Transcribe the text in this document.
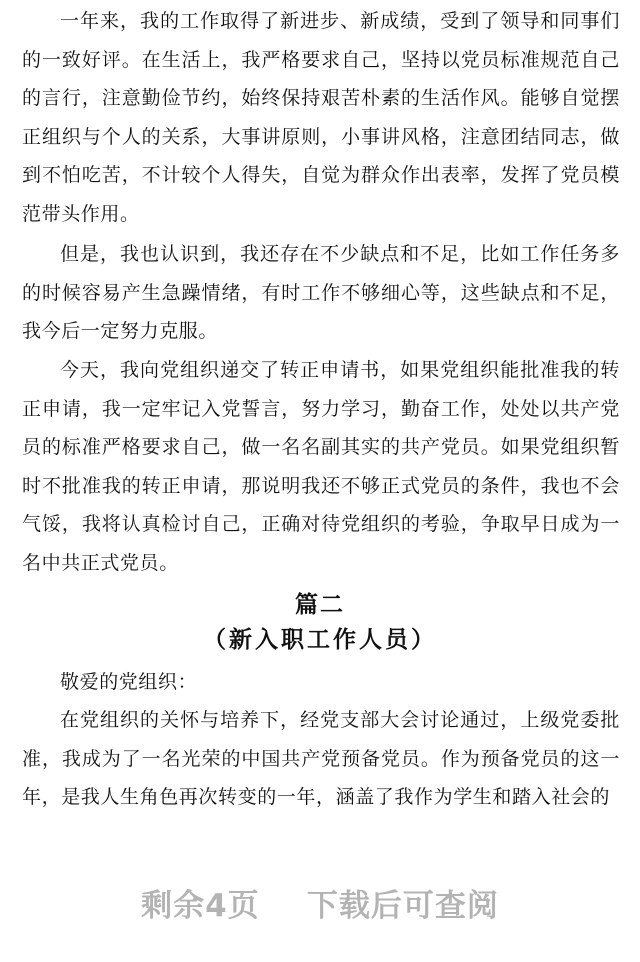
一年来，我的工作取得了新进步、新成绩，受到了领导和同事们的一致好评。在生活上，我严格要求自己，坚持以党员标准规范自己的言行，注意勤俭节约，始终保持艰苦朴素的生活作风。能够自觉摆正组织与个人的关系，大事讲原则，小事讲风格，注意团结同志，做到不怕吃苦，不计较个人得失，自觉为群众作出表率，发挥了党员模范带头作用。

但是，我也认识到，我还存在不少缺点和不足，比如工作任务多的时候容易产生急躁情绪，有时工作不够细心等，这些缺点和不足，我今后一定努力克服。

今天，我向党组织递交了转正申请书，如果党组织能批准我的转正申请，我一定牢记入党誓言，努力学习，勤奋工作，处处以共产党员的标准严格要求自己，做一名名副其实的共产党员。如果党组织暂时不批准我的转正申请，那说明我还不够正式党员的条件，我也不会气馁，我将认真检讨自己，正确对待党组织的考验，争取早日成为一名中共正式党员。

篇二
（新入职工作人员）

敬爱的党组织：

在党组织的关怀与培养下，经党支部大会讨论通过，上级党委批准，我成为了一名光荣的中国共产党预备党员。作为预备党员的这一年，是我人生角色再次转变的一年，涵盖了我作为学生和踏入社会的

剩余4页    下载后可查阅
